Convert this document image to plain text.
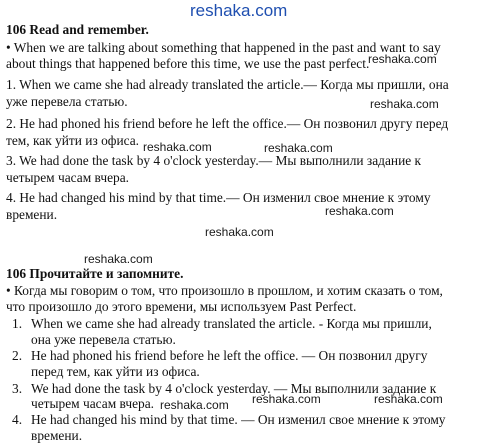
reshaka.com
106 Read and remember.
• When we are talking about something that happened in the past and want to say
about things that happened before this time, we use the past perfect.
reshaka.com
1. When we came she had already translated the article.— Когда мы пришли, она
уже перевела статью.	reshaka.com
2. He had phoned his friend before he left the office.— Он позвонил другу перед
тем, как уйти из офиса. reshaka.com
3. We had done the task by 4 o'clock yesterday.— Мы выполнили задание к
четырем часам вчера.
reshaka.com
4. He had changed his mind by that time.— Он изменил свое мнение к этому
времени.	reshaka.com
reshaka.com
reshaka.com
106 Прочитайте и запомните.
• Когда мы говорим о том, что произошло в прошлом, и хотим сказать о том,
что произошло до этого времени, мы используем Past Perfect.
1. When we came she had already translated the article. - Когда мы пришли,
она уже перевела статью.
2. He had phoned his friend before he left the office. — Он позвонил другу
перед тем, как уйти из офиса.
3. We had done the task by 4 o'clock yesterday. — Мы выполнили задание к
четырем часам вчера. reshaka.com	reshaka.com
4. He had changed his mind by that time. — Он изменил свое мнение к этому
времени.
reshaka.com
